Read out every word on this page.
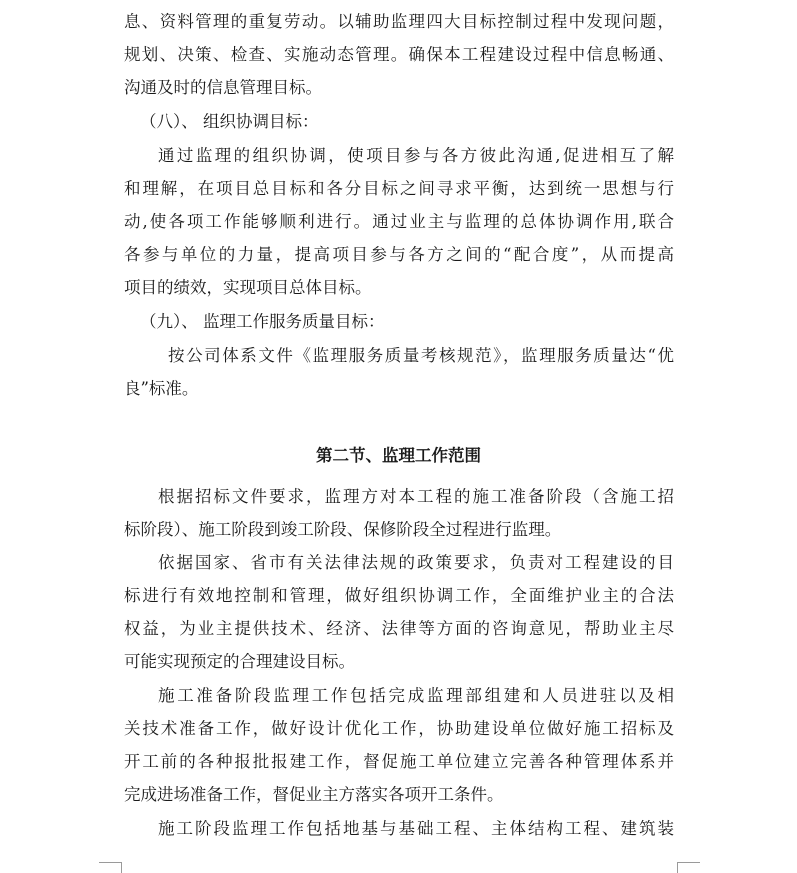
息、资料管理的重复劳动。以辅助监理四大目标控制过程中发现问题，
规划、决策、检查、实施动态管理。确保本工程建设过程中信息畅通、
沟通及时的信息管理目标。
（八）、 组织协调目标：
通过监理的组织协调，使项目参与各方彼此沟通,促进相互了解
和理解，在项目总目标和各分目标之间寻求平衡，达到统一思想与行
动,使各项工作能够顺利进行。通过业主与监理的总体协调作用,联合
各参与单位的力量，提高项目参与各方之间的“配合度”，从而提高
项目的绩效，实现项目总体目标。
（九）、 监理工作服务质量目标：
按公司体系文件《监理服务质量考核规范》，监理服务质量达“优
良”标准。
第二节、监理工作范围
根据招标文件要求，监理方对本工程的施工准备阶段（含施工招
标阶段）、施工阶段到竣工阶段、保修阶段全过程进行监理。
依据国家、省市有关法律法规的政策要求，负责对工程建设的目
标进行有效地控制和管理，做好组织协调工作，全面维护业主的合法
权益，为业主提供技术、经济、法律等方面的咨询意见，帮助业主尽
可能实现预定的合理建设目标。
施工准备阶段监理工作包括完成监理部组建和人员进驻以及相
关技术准备工作，做好设计优化工作，协助建设单位做好施工招标及
开工前的各种报批报建工作，督促施工单位建立完善各种管理体系并
完成进场准备工作，督促业主方落实各项开工条件。
施工阶段监理工作包括地基与基础工程、主体结构工程、建筑装
